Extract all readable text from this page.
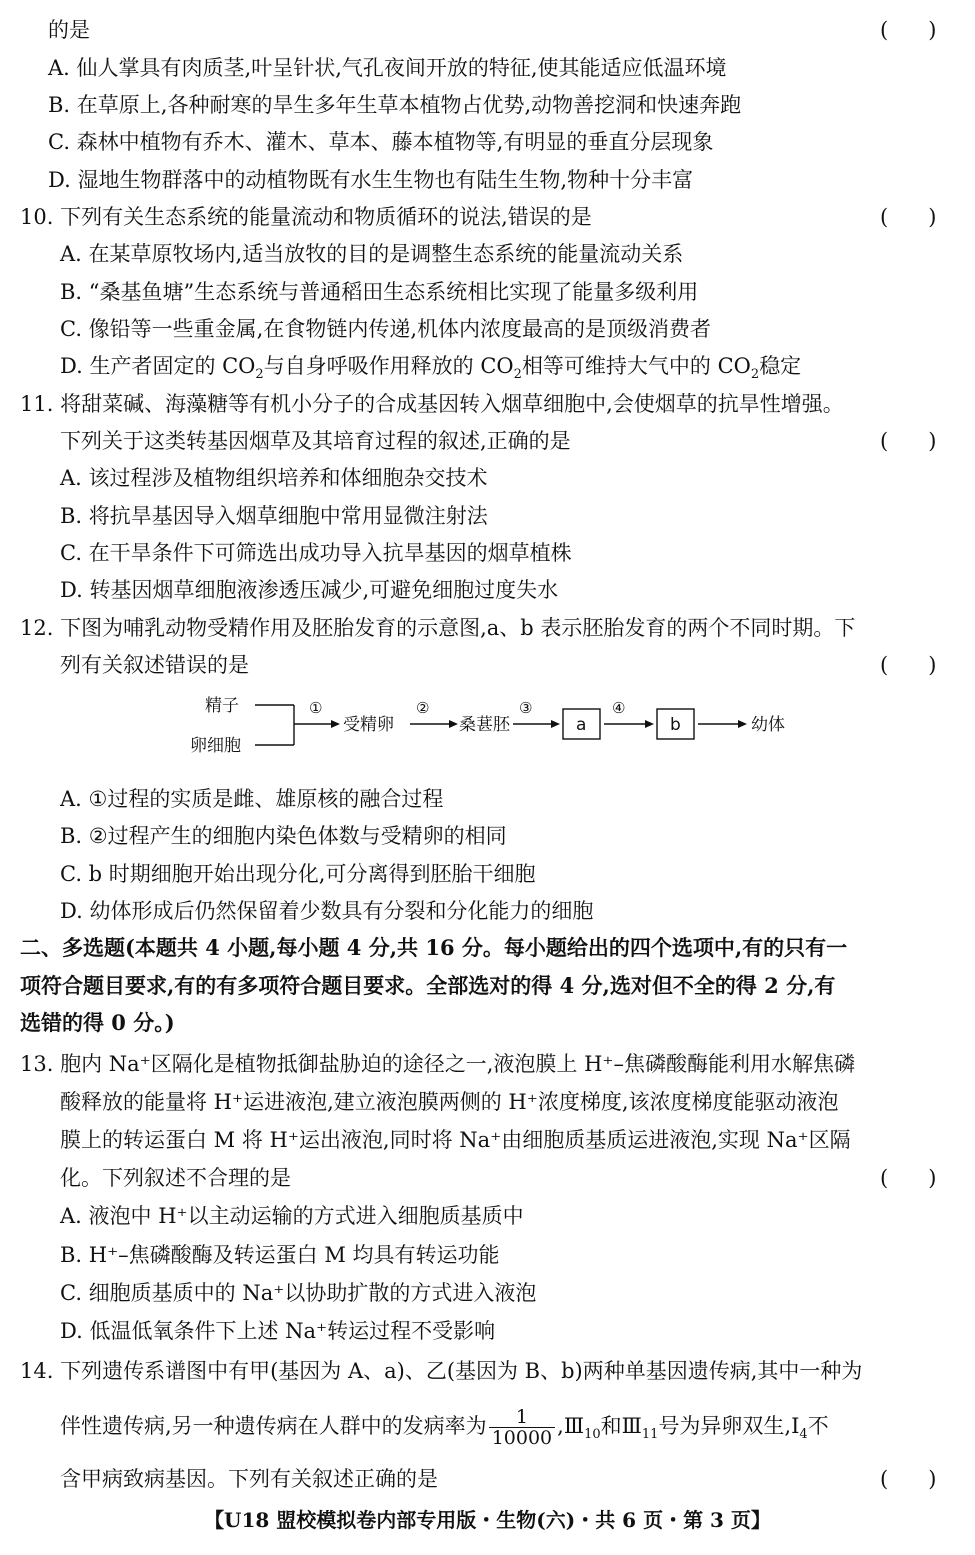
的是	(      )
A. 仙人掌具有肉质茎,叶呈针状,气孔夜间开放的特征,使其能适应低温环境
B. 在草原上,各种耐寒的旱生多年生草本植物占优势,动物善挖洞和快速奔跑
C. 森林中植物有乔木、灌木、草本、藤本植物等,有明显的垂直分层现象
D. 湿地生物群落中的动植物既有水生生物也有陆生生物,物种十分丰富
10. 下列有关生态系统的能量流动和物质循环的说法,错误的是	(      )
A. 在某草原牧场内,适当放牧的目的是调整生态系统的能量流动关系
B. “桑基鱼塘”生态系统与普通稻田生态系统相比实现了能量多级利用
C. 像铅等一些重金属,在食物链内传递,机体内浓度最高的是顶级消费者
D. 生产者固定的 $CO_2$与自身呼吸作用释放的 $CO_2$相等可维持大气中的 $CO_2$稳定
11. 将甜菜碱、海藻糖等有机小分子的合成基因转入烟草细胞中,会使烟草的抗旱性增强。
下列关于这类转基因烟草及其培育过程的叙述,正确的是	(      )
A. 该过程涉及植物组织培养和体细胞杂交技术
B. 将抗旱基因导入烟草细胞中常用显微注射法
C. 在干旱条件下可筛选出成功导入抗旱基因的烟草植株
D. 转基因烟草细胞液渗透压减少,可避免细胞过度失水
12. 下图为哺乳动物受精作用及胚胎发育的示意图,a、b 表示胚胎发育的两个不同时期。下
列有关叙述错误的是	(      )
精子
卵细胞
①
受精卵
②
桑葚胚
③
a
④
b	幼体
A. ①过程的实质是雌、雄原核的融合过程
B. ②过程产生的细胞内染色体数与受精卵的相同
C. b 时期细胞开始出现分化,可分离得到胚胎干细胞
D. 幼体形成后仍然保留着少数具有分裂和分化能力的细胞
二、多选题(本题共 4 小题,每小题 4 分,共 16 分。每小题给出的四个选项中,有的只有一
项符合题目要求,有的有多项符合题目要求。全部选对的得 4 分,选对但不全的得 2 分,有
选错的得 0 分。)
13. 胞内 Na⁺区隔化是植物抵御盐胁迫的途径之一,液泡膜上 H⁺–焦磷酸酶能利用水解焦磷
酸释放的能量将 H⁺运进液泡,建立液泡膜两侧的 H⁺浓度梯度,该浓度梯度能驱动液泡
膜上的转运蛋白 M 将 H⁺运出液泡,同时将 Na⁺由细胞质基质运进液泡,实现 Na⁺区隔
化。下列叙述不合理的是	(      )
A. 液泡中 H⁺以主动运输的方式进入细胞质基质中
B. H⁺–焦磷酸酶及转运蛋白 M 均具有转运功能
C. 细胞质基质中的 Na⁺以协助扩散的方式进入液泡
D. 低温低氧条件下上述 Na⁺转运过程不受影响
14. 下列遗传系谱图中有甲(基因为 A、a)、乙(基因为 B、b)两种单基因遗传病,其中一种为
伴性遗传病,另一种遗传病在人群中的发病率为 $\frac{1}{10000}$ $,Ⅲ_{10}$和$Ⅲ_{11}$号为异卵双生$,Ⅰ_4$不
含甲病致病基因。下列有关叙述正确的是	(      )
【U18 盟校模拟卷内部专用版・生物(六)・共 6 页・第 3 页】
